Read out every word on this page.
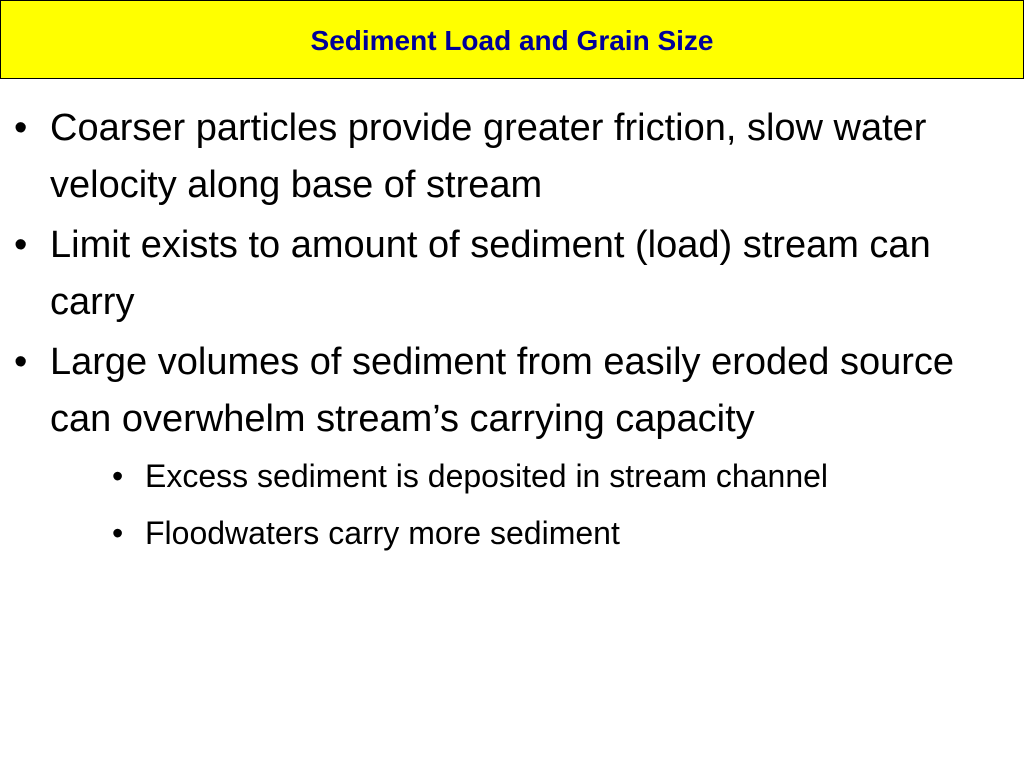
Sediment Load and Grain Size
• Coarser particles provide greater friction, slow water velocity along base of stream
• Limit exists to amount of sediment (load) stream can carry
• Large volumes of sediment from easily eroded source can overwhelm stream’s carrying capacity
• Excess sediment is deposited in stream channel
• Floodwaters carry more sediment
